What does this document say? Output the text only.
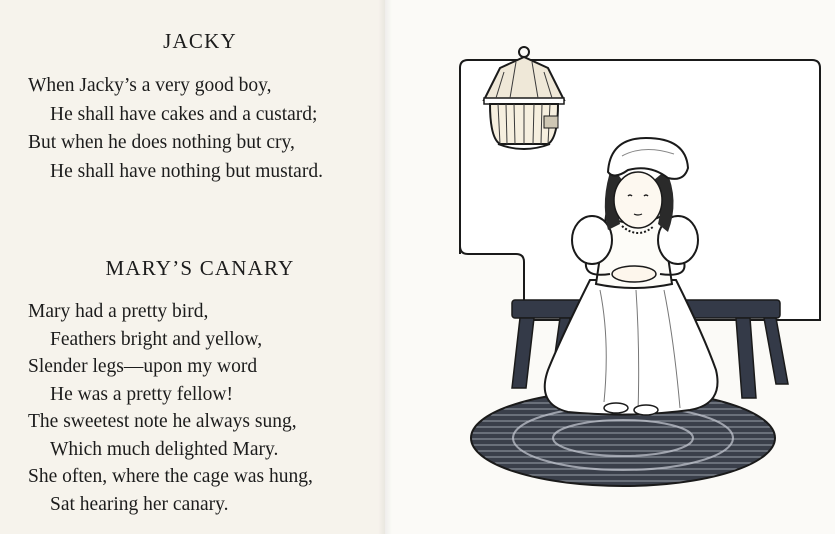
JACKY

When Jacky’s a very good boy,
He shall have cakes and a custard;
But when he does nothing but cry,
He shall have nothing but mustard.

MARY’S CANARY

Mary had a pretty bird,
Feathers bright and yellow,
Slender legs—upon my word
He was a pretty fellow!
The sweetest note he always sung,
Which much delighted Mary.
She often, where the cage was hung,
Sat hearing her canary.
